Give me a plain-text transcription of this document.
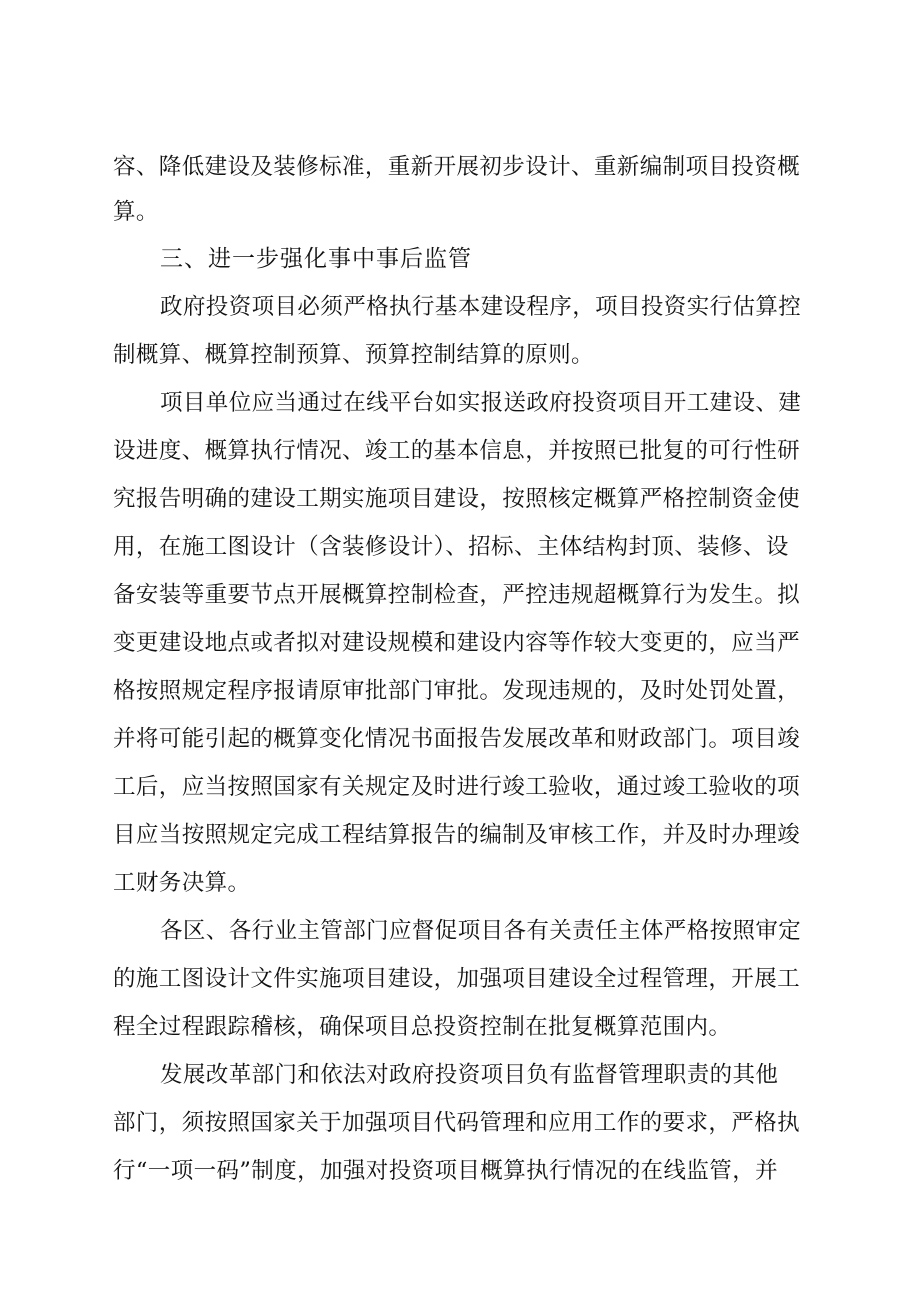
容、降低建设及装修标准，重新开展初步设计、重新编制项目投资概
算。
三、进一步强化事中事后监管
政府投资项目必须严格执行基本建设程序，项目投资实行估算控
制概算、概算控制预算、预算控制结算的原则。
项目单位应当通过在线平台如实报送政府投资项目开工建设、建
设进度、概算执行情况、竣工的基本信息，并按照已批复的可行性研
究报告明确的建设工期实施项目建设，按照核定概算严格控制资金使
用，在施工图设计（含装修设计）、招标、主体结构封顶、装修、设
备安装等重要节点开展概算控制检查，严控违规超概算行为发生。拟
变更建设地点或者拟对建设规模和建设内容等作较大变更的，应当严
格按照规定程序报请原审批部门审批。发现违规的，及时处罚处置，
并将可能引起的概算变化情况书面报告发展改革和财政部门。项目竣
工后，应当按照国家有关规定及时进行竣工验收，通过竣工验收的项
目应当按照规定完成工程结算报告的编制及审核工作，并及时办理竣
工财务决算。
各区、各行业主管部门应督促项目各有关责任主体严格按照审定
的施工图设计文件实施项目建设，加强项目建设全过程管理，开展工
程全过程跟踪稽核，确保项目总投资控制在批复概算范围内。
发展改革部门和依法对政府投资项目负有监督管理职责的其他
部门，须按照国家关于加强项目代码管理和应用工作的要求，严格执
行“一项一码”制度，加强对投资项目概算执行情况的在线监管，并
